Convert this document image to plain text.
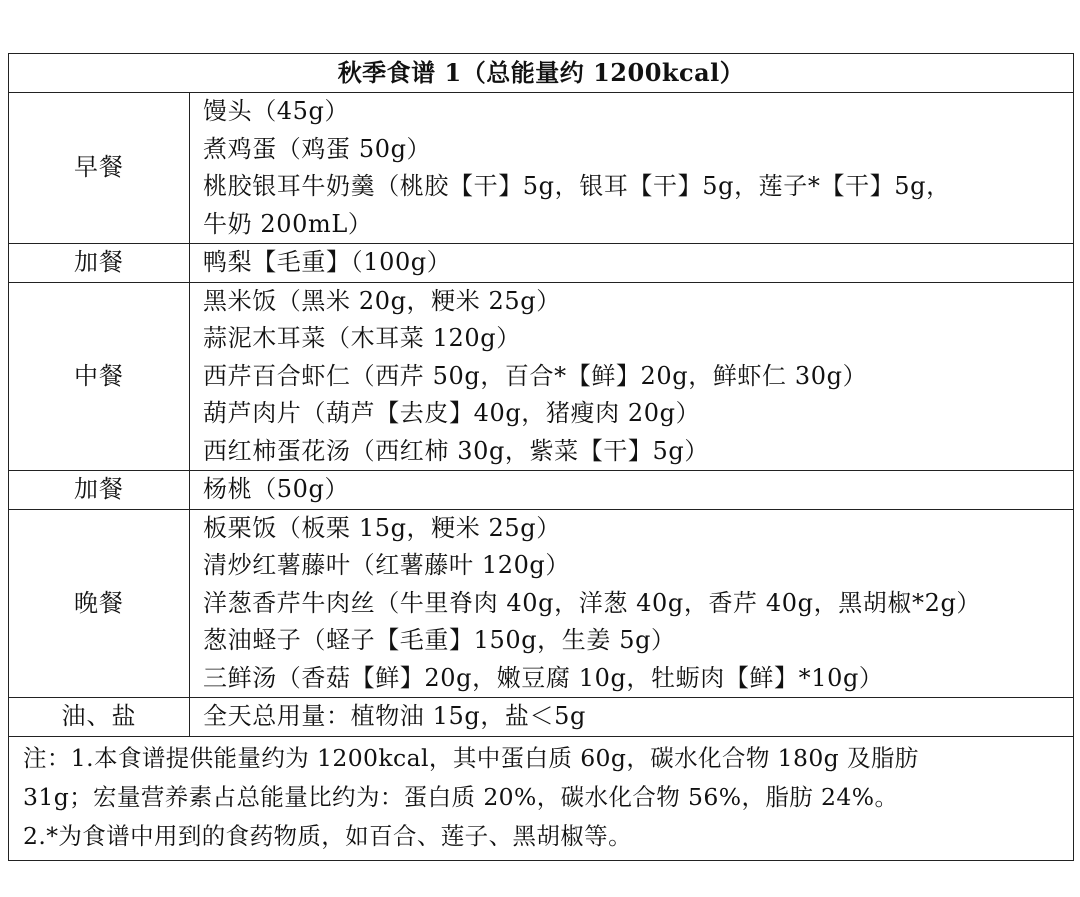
秋季食谱 1（总能量约 1200kcal）	
早餐	馒头（45g）
煮鸡蛋（鸡蛋 50g）
桃胶银耳牛奶羹（桃胶【干】5g，银耳【干】5g，莲子*【干】5g，
牛奶 200mL）

加餐	鸭梨【毛重】（100g）

中餐	黑米饭（黑米 20g，粳米 25g）
蒜泥木耳菜（木耳菜 120g）
西芹百合虾仁（西芹 50g，百合*【鲜】20g，鲜虾仁 30g）
葫芦肉片（葫芦【去皮】40g，猪瘦肉 20g）
西红柿蛋花汤（西红柿 30g，紫菜【干】5g）

加餐	杨桃（50g）

晚餐	板栗饭（板栗 15g，粳米 25g）
清炒红薯藤叶（红薯藤叶 120g）
洋葱香芹牛肉丝（牛里脊肉 40g，洋葱 40g，香芹 40g，黑胡椒*2g）
葱油蛏子（蛏子【毛重】150g，生姜 5g）
三鲜汤（香菇【鲜】20g，嫩豆腐 10g，牡蛎肉【鲜】*10g）

油、盐	全天总用量：植物油 15g，盐＜5g

注：1.本食谱提供能量约为 1200kcal，其中蛋白质 60g，碳水化合物 180g 及脂肪
31g；宏量营养素占总能量比约为：蛋白质 20%，碳水化合物 56%，脂肪 24%。
2.*为食谱中用到的食药物质，如百合、莲子、黑胡椒等。	
